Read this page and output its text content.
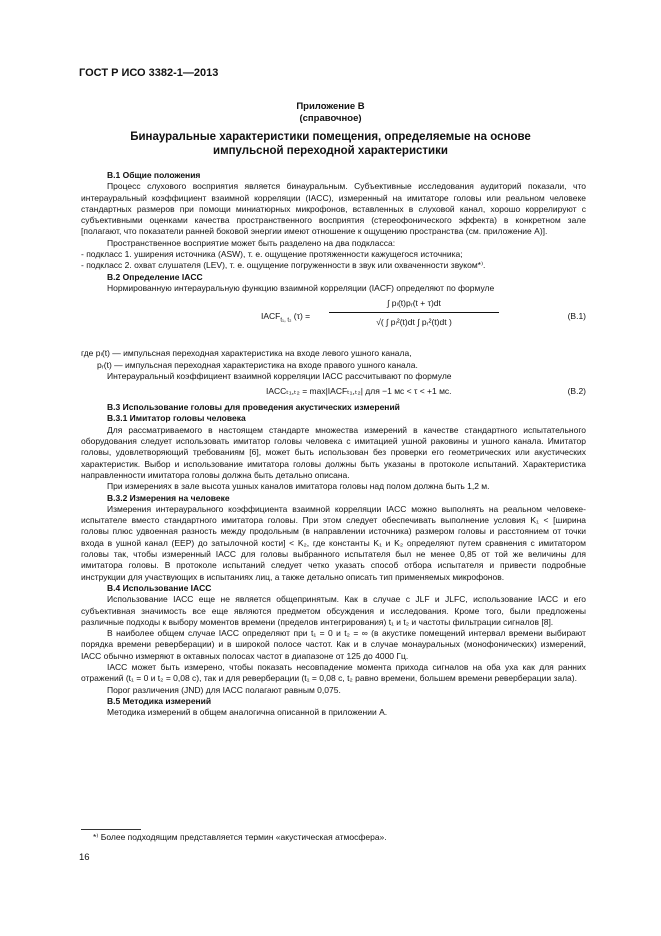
ГОСТ Р ИСО 3382-1—2013
Приложение В
(справочное)
Бинауральные характеристики помещения, определяемые на основе
импульсной переходной характеристики

В.1 Общие положения

Процесс слухового восприятия является бинауральным. Субъективные исследования аудиторий показали, что интерауральный коэффициент взаимной корреляции (IACC), измеренный на имитаторе головы или реальном человеке стандартных размеров при помощи миниатюрных микрофонов, вставленных в слуховой канал, хорошо коррелируют с субъективными оценками качества пространственного восприятия (стереофонического эффекта) в конкретном зале [полагают, что показатели ранней боковой энергии имеют отношение к ощущению пространства (см. приложение А)].

Пространственное восприятие может быть разделено на два подкласса:

- подкласс 1. уширения источника (ASW), т. е. ощущение протяженности кажущегося источника;

- подкласс 2. охват слушателя (LEV), т. е. ощущение погруженности в звук или охваченности звуком*⁾.

В.2 Определение IACC

Нормированную интерауральную функцию взаимной корреляции (IACF) определяют по формуле

$IACF_{t_1, t_2}$ $(\tau) = \frac{\text{∫ pₗ(t)pᵣ(t + τ)dt}}{\text{√( ∫ pₗ²(t)dt ∫ pᵣ²(t)dt )}}$	(В.1)

где pₗ(t) — импульсная переходная характеристика на входе левого ушного канала,

pᵣ(t) — импульсная переходная характеристика на входе правого ушного канала.

Интерауральный коэффициент взаимной корреляции IACC рассчитывают по формуле

IACCₜ₁,ₜ₂ = max|IACFₜ₁,ₜ₂| для −1 мс < τ < +1 мс.	(В.2)

В.3 Использование головы для проведения акустических измерений

В.3.1 Имитатор головы человека

Для рассматриваемого в настоящем стандарте множества измерений в качестве стандартного испытательного оборудования следует использовать имитатор головы человека с имитацией ушной раковины и ушного канала. Имитатор головы, удовлетворяющий требованиям [6], может быть использован без проверки его геометрических или акустических характеристик. Выбор и использование имитатора головы должны быть указаны в протоколе испытаний. Характеристика направленности имитатора головы должна быть детально описана.

При измерениях в зале высота ушных каналов имитатора головы над полом должна быть 1,2 м.

В.3.2 Измерения на человеке

Измерения интераурального коэффициента взаимной корреляции IACC можно выполнять на реальном человеке-испытателе вместо стандартного имитатора головы. При этом следует обеспечивать выполнение условия K₁ < [ширина головы плюс удвоенная разность между продольным (в направлении источника) размером головы и расстоянием от точки входа в ушной канал (EEP) до затылочной кости] < K₂, где константы K₁ и K₂ определяют путем сравнения с имитатором головы так, чтобы измеренный IACC для головы выбранного испытателя был не менее 0,85 от той же величины для имитатора головы. В протоколе испытаний следует четко указать способ отбора испытателя и привести подробные инструкции для участвующих в испытаниях лиц, а также детально описать тип применяемых микрофонов.

В.4 Использование IACC

Использование IACC еще не является общепринятым. Как в случае с JLF и JLFC, использование IACC и его субъективная значимость все еще являются предметом обсуждения и исследования. Кроме того, были предложены различные подходы к выбору моментов времени (пределов интегрирования) t₁ и t₂ и частоты фильтрации сигналов [8].

В наиболее общем случае IACC определяют при t₁ = 0 и t₂ = ∞ (в акустике помещений интервал времени выбирают порядка времени реверберации) и в широкой полосе частот. Как и в случае монауральных (монофонических) измерений, IACC обычно измеряют в октавных полосах частот в диапазоне от 125 до 4000 Гц.

IACC может быть измерено, чтобы показать несовпадение момента прихода сигналов на оба уха как для ранних отражений (t₁ = 0 и t₂ = 0,08 с), так и для реверберации (t₁ = 0,08 с, t₂ равно времени, большем времени реверберации зала).

Порог различения (JND) для IACC полагают равным 0,075.

В.5 Методика измерений

Методика измерений в общем аналогична описанной в приложении А.

*⁾ Более подходящим представляется термин «акустическая атмосфера».
16
